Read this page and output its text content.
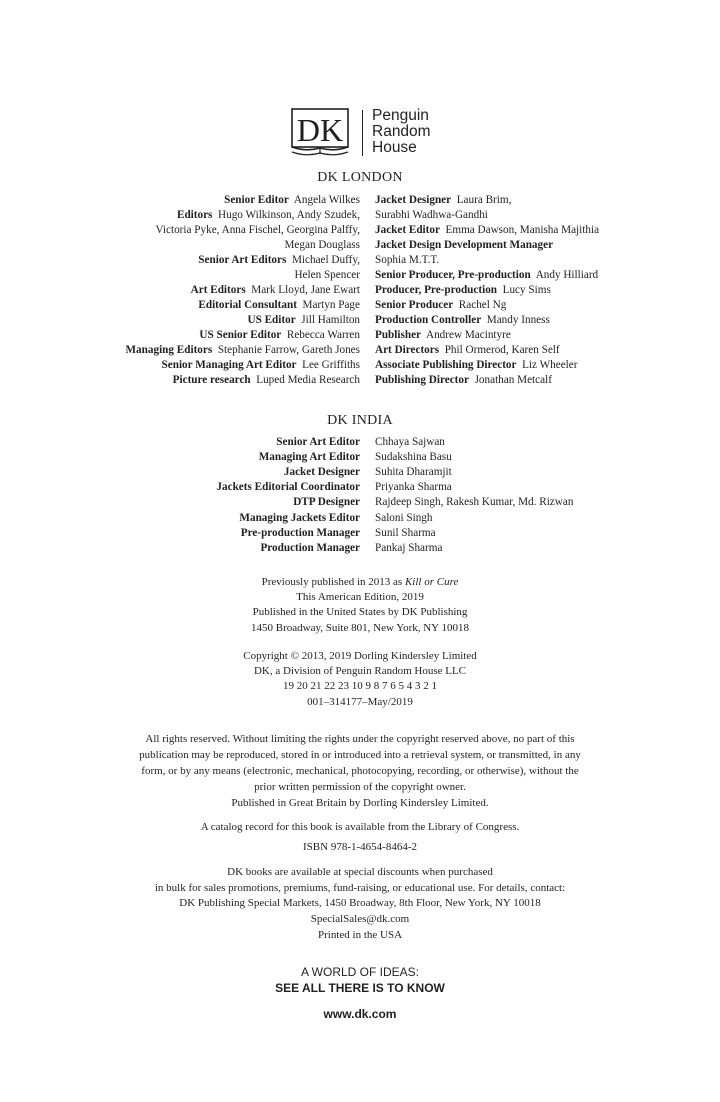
DK Penguin
Random
House
DK LONDON
Senior Editor Angela Wilkes
Editors Hugo Wilkinson, Andy Szudek,
Victoria Pyke, Anna Fischel, Georgina Palffy,
Megan Douglass
Senior Art Editors Michael Duffy,
Helen Spencer
Art Editors Mark Lloyd, Jane Ewart
Editorial Consultant Martyn Page
US Editor Jill Hamilton
US Senior Editor Rebecca Warren
Managing Editors Stephanie Farrow, Gareth Jones
Senior Managing Art Editor Lee Griffiths
Picture research Luped Media Research
Jacket Designer Laura Brim,
Surabhi Wadhwa-Gandhi
Jacket Editor Emma Dawson, Manisha Majithia
Jacket Design Development Manager
Sophia M.T.T.
Senior Producer, Pre-production Andy Hilliard
Producer, Pre-production Lucy Sims
Senior Producer Rachel Ng
Production Controller Mandy Inness
Publisher Andrew Macintyre
Art Directors Phil Ormerod, Karen Self
Associate Publishing Director Liz Wheeler
Publishing Director Jonathan Metcalf
DK INDIA
Senior Art Editor Chhaya Sajwan
Managing Art Editor Sudakshina Basu
Jacket Designer Suhita Dharamjit
Jackets Editorial Coordinator Priyanka Sharma
DTP Designer Rajdeep Singh, Rakesh Kumar, Md. Rizwan
Managing Jackets Editor Saloni Singh
Pre-production Manager Sunil Sharma
Production Manager Pankaj Sharma
Previously published in 2013 as Kill or Cure
This American Edition, 2019
Published in the United States by DK Publishing
1450 Broadway, Suite 801, New York, NY 10018
Copyright © 2013, 2019 Dorling Kindersley Limited
DK, a Division of Penguin Random House LLC
19 20 21 22 23 10 9 8 7 6 5 4 3 2 1
001–314177–May/2019
All rights reserved. Without limiting the rights under the copyright reserved above, no part of this
publication may be reproduced, stored in or introduced into a retrieval system, or transmitted, in any
form, or by any means (electronic, mechanical, photocopying, recording, or otherwise), without the
prior written permission of the copyright owner.
Published in Great Britain by Dorling Kindersley Limited.
A catalog record for this book is available from the Library of Congress.
ISBN 978-1-4654-8464-2
DK books are available at special discounts when purchased
in bulk for sales promotions, premiums, fund-raising, or educational use. For details, contact:
DK Publishing Special Markets, 1450 Broadway, 8th Floor, New York, NY 10018
SpecialSales@dk.com
Printed in the USA
A WORLD OF IDEAS:
SEE ALL THERE IS TO KNOW
www.dk.com
